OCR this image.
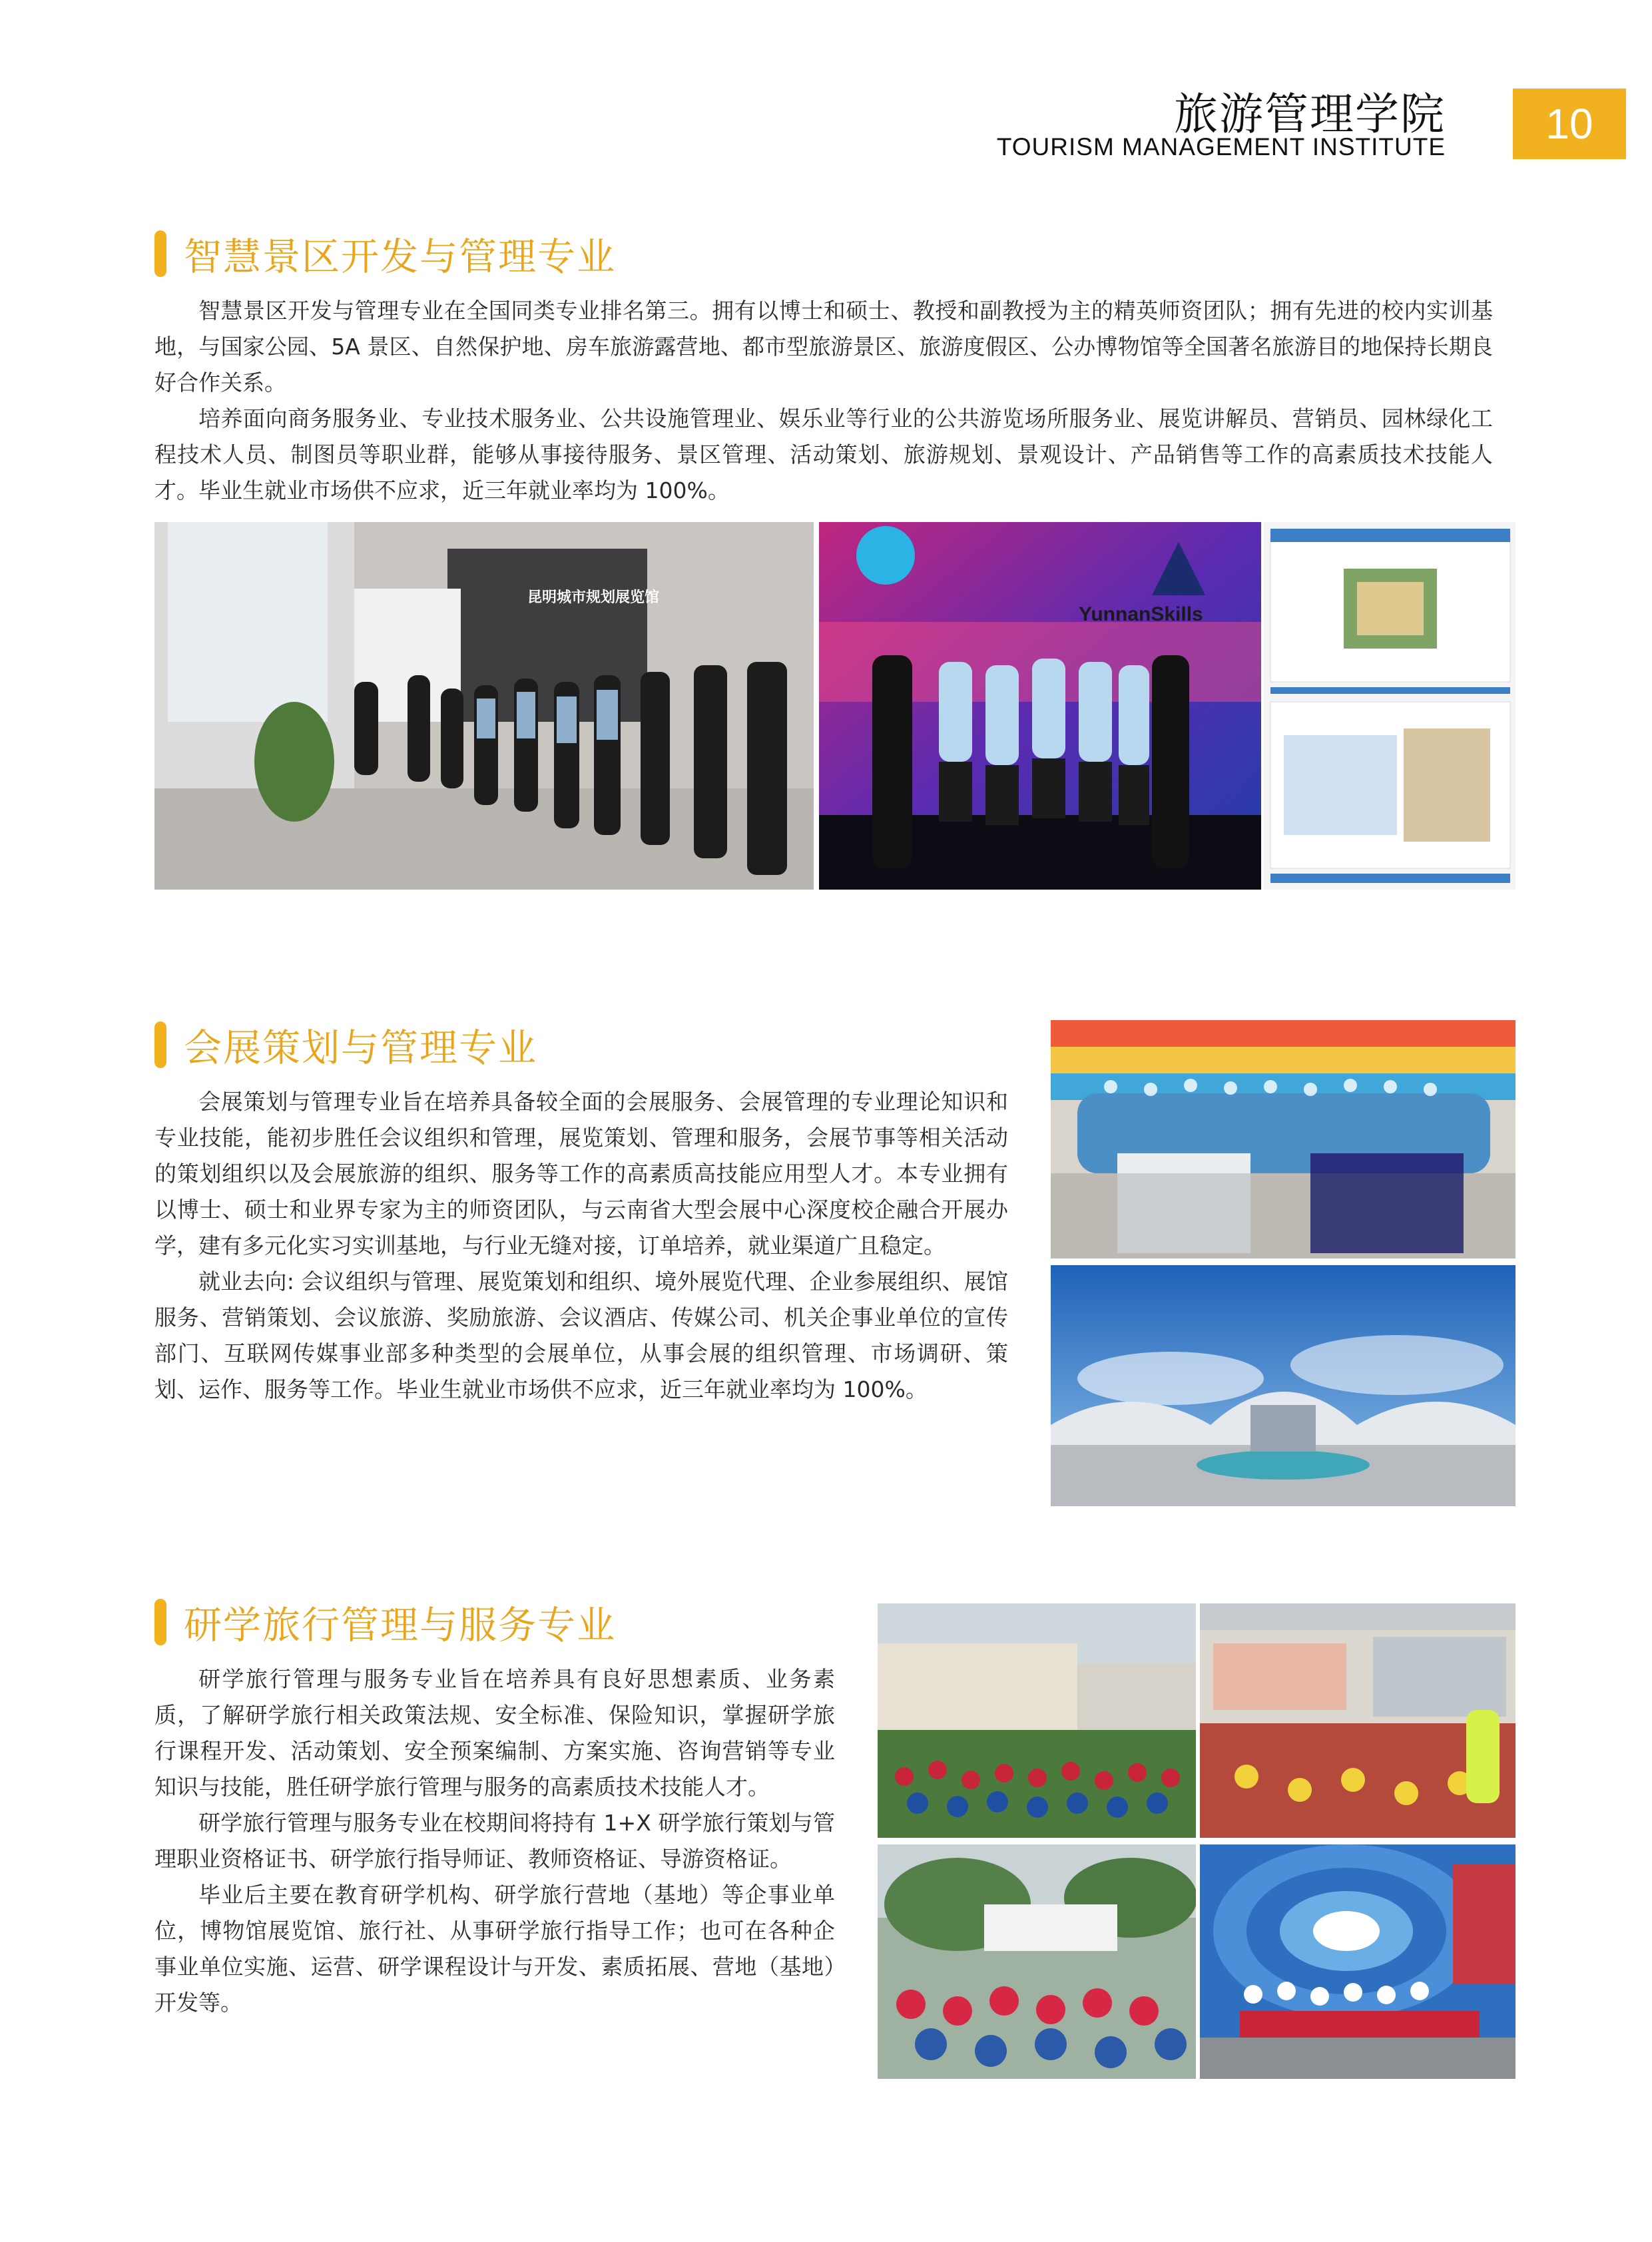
旅游管理学院
TOURISM MANAGEMENT INSTITUTE	10
智慧景区开发与管理专业

智慧景区开发与管理专业在全国同类专业排名第三。拥有以博士和硕士、教授和副教授为主的精英师资团队；拥有先进的校内实训基地，与国家公园、5A 景区、自然保护地、房车旅游露营地、都市型旅游景区、旅游度假区、公办博物馆等全国著名旅游目的地保持长期良好合作关系。

培养面向商务服务业、专业技术服务业、公共设施管理业、娱乐业等行业的公共游览场所服务业、展览讲解员、营销员、园林绿化工程技术人员、制图员等职业群，能够从事接待服务、景区管理、活动策划、旅游规划、景观设计、产品销售等工作的高素质技术技能人才。毕业生就业市场供不应求，近三年就业率均为 100%。

昆明城市规划展览馆
YunnanSkills
会展策划与管理专业

会展策划与管理专业旨在培养具备较全面的会展服务、会展管理的专业理论知识和专业技能，能初步胜任会议组织和管理，展览策划、管理和服务，会展节事等相关活动的策划组织以及会展旅游的组织、服务等工作的高素质高技能应用型人才。本专业拥有以博士、硕士和业界专家为主的师资团队，与云南省大型会展中心深度校企融合开展办学，建有多元化实习实训基地，与行业无缝对接，订单培养，就业渠道广且稳定。

就业去向: 会议组织与管理、展览策划和组织、境外展览代理、企业参展组织、展馆服务、营销策划、会议旅游、奖励旅游、会议酒店、传媒公司、机关企事业单位的宣传部门、互联网传媒事业部多种类型的会展单位，从事会展的组织管理、市场调研、策划、运作、服务等工作。毕业生就业市场供不应求，近三年就业率均为 100%。

研学旅行管理与服务专业

研学旅行管理与服务专业旨在培养具有良好思想素质、业务素质，了解研学旅行相关政策法规、安全标准、保险知识，掌握研学旅行课程开发、活动策划、安全预案编制、方案实施、咨询营销等专业知识与技能，胜任研学旅行管理与服务的高素质技术技能人才。

研学旅行管理与服务专业在校期间将持有 1+X 研学旅行策划与管理职业资格证书、研学旅行指导师证、教师资格证、导游资格证。

毕业后主要在教育研学机构、研学旅行营地（基地）等企事业单位，博物馆展览馆、旅行社、从事研学旅行指导工作；也可在各种企事业单位实施、运营、研学课程设计与开发、素质拓展、营地（基地）开发等。
